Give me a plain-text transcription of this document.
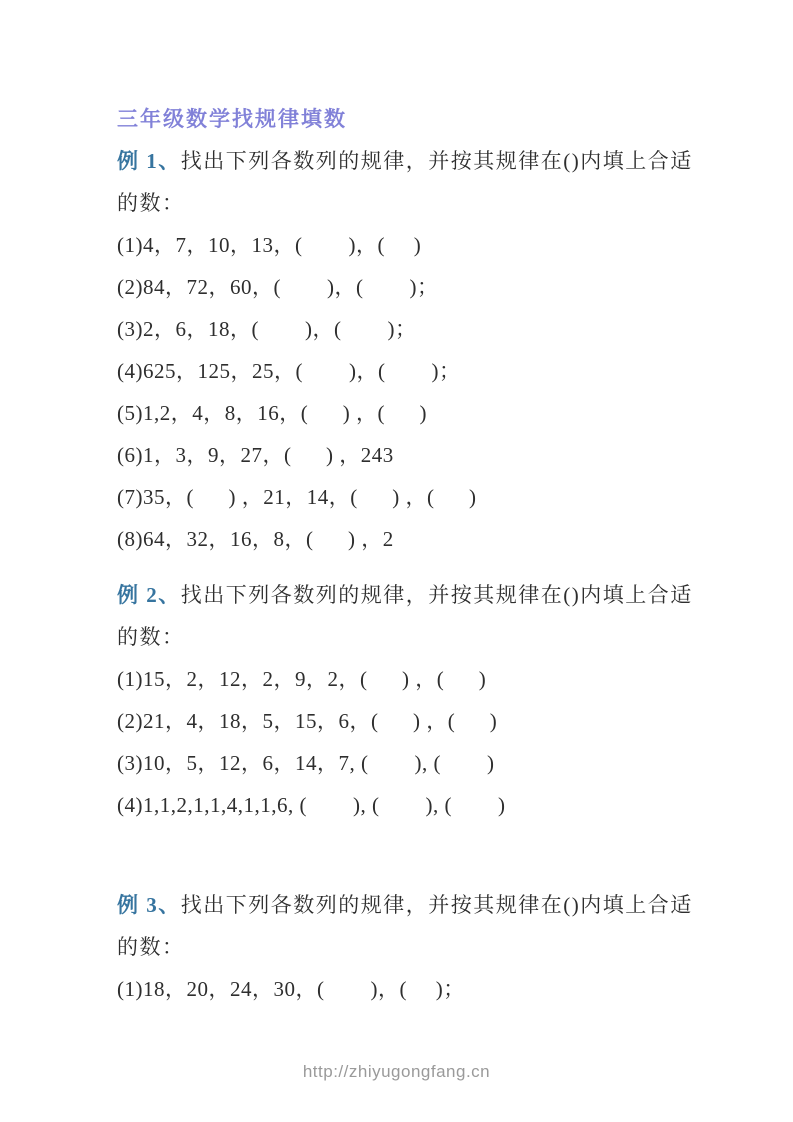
三年级数学找规律填数

例 1、找出下列各数列的规律，并按其规律在()内填上合适的数：

(1)4，7，10，13，(        )，(     )

(2)84，72，60，(        )，(        )；

(3)2，6，18，(        )，(        )；

(4)625，125，25，(        )，(        )；

(5)1,2，4，8，16，(      ) ，(      )

(6)1，3，9，27，(      ) ，243

(7)35，(      ) ，21，14，(      ) ，(      )

(8)64，32，16，8，(      ) ，2

例 2、找出下列各数列的规律，并按其规律在()内填上合适的数：

(1)15，2，12，2，9，2，(      ) ，(      )

(2)21，4，18，5，15，6，(      ) ，(      )

(3)10，5，12，6，14，7, (        ), (        )

(4)1,1,2,1,1,4,1,1,6, (        ), (        ), (        )

例 3、找出下列各数列的规律，并按其规律在()内填上合适的数：

(1)18，20，24，30，(        )，(     )；

http://zhiyugongfang.cn
